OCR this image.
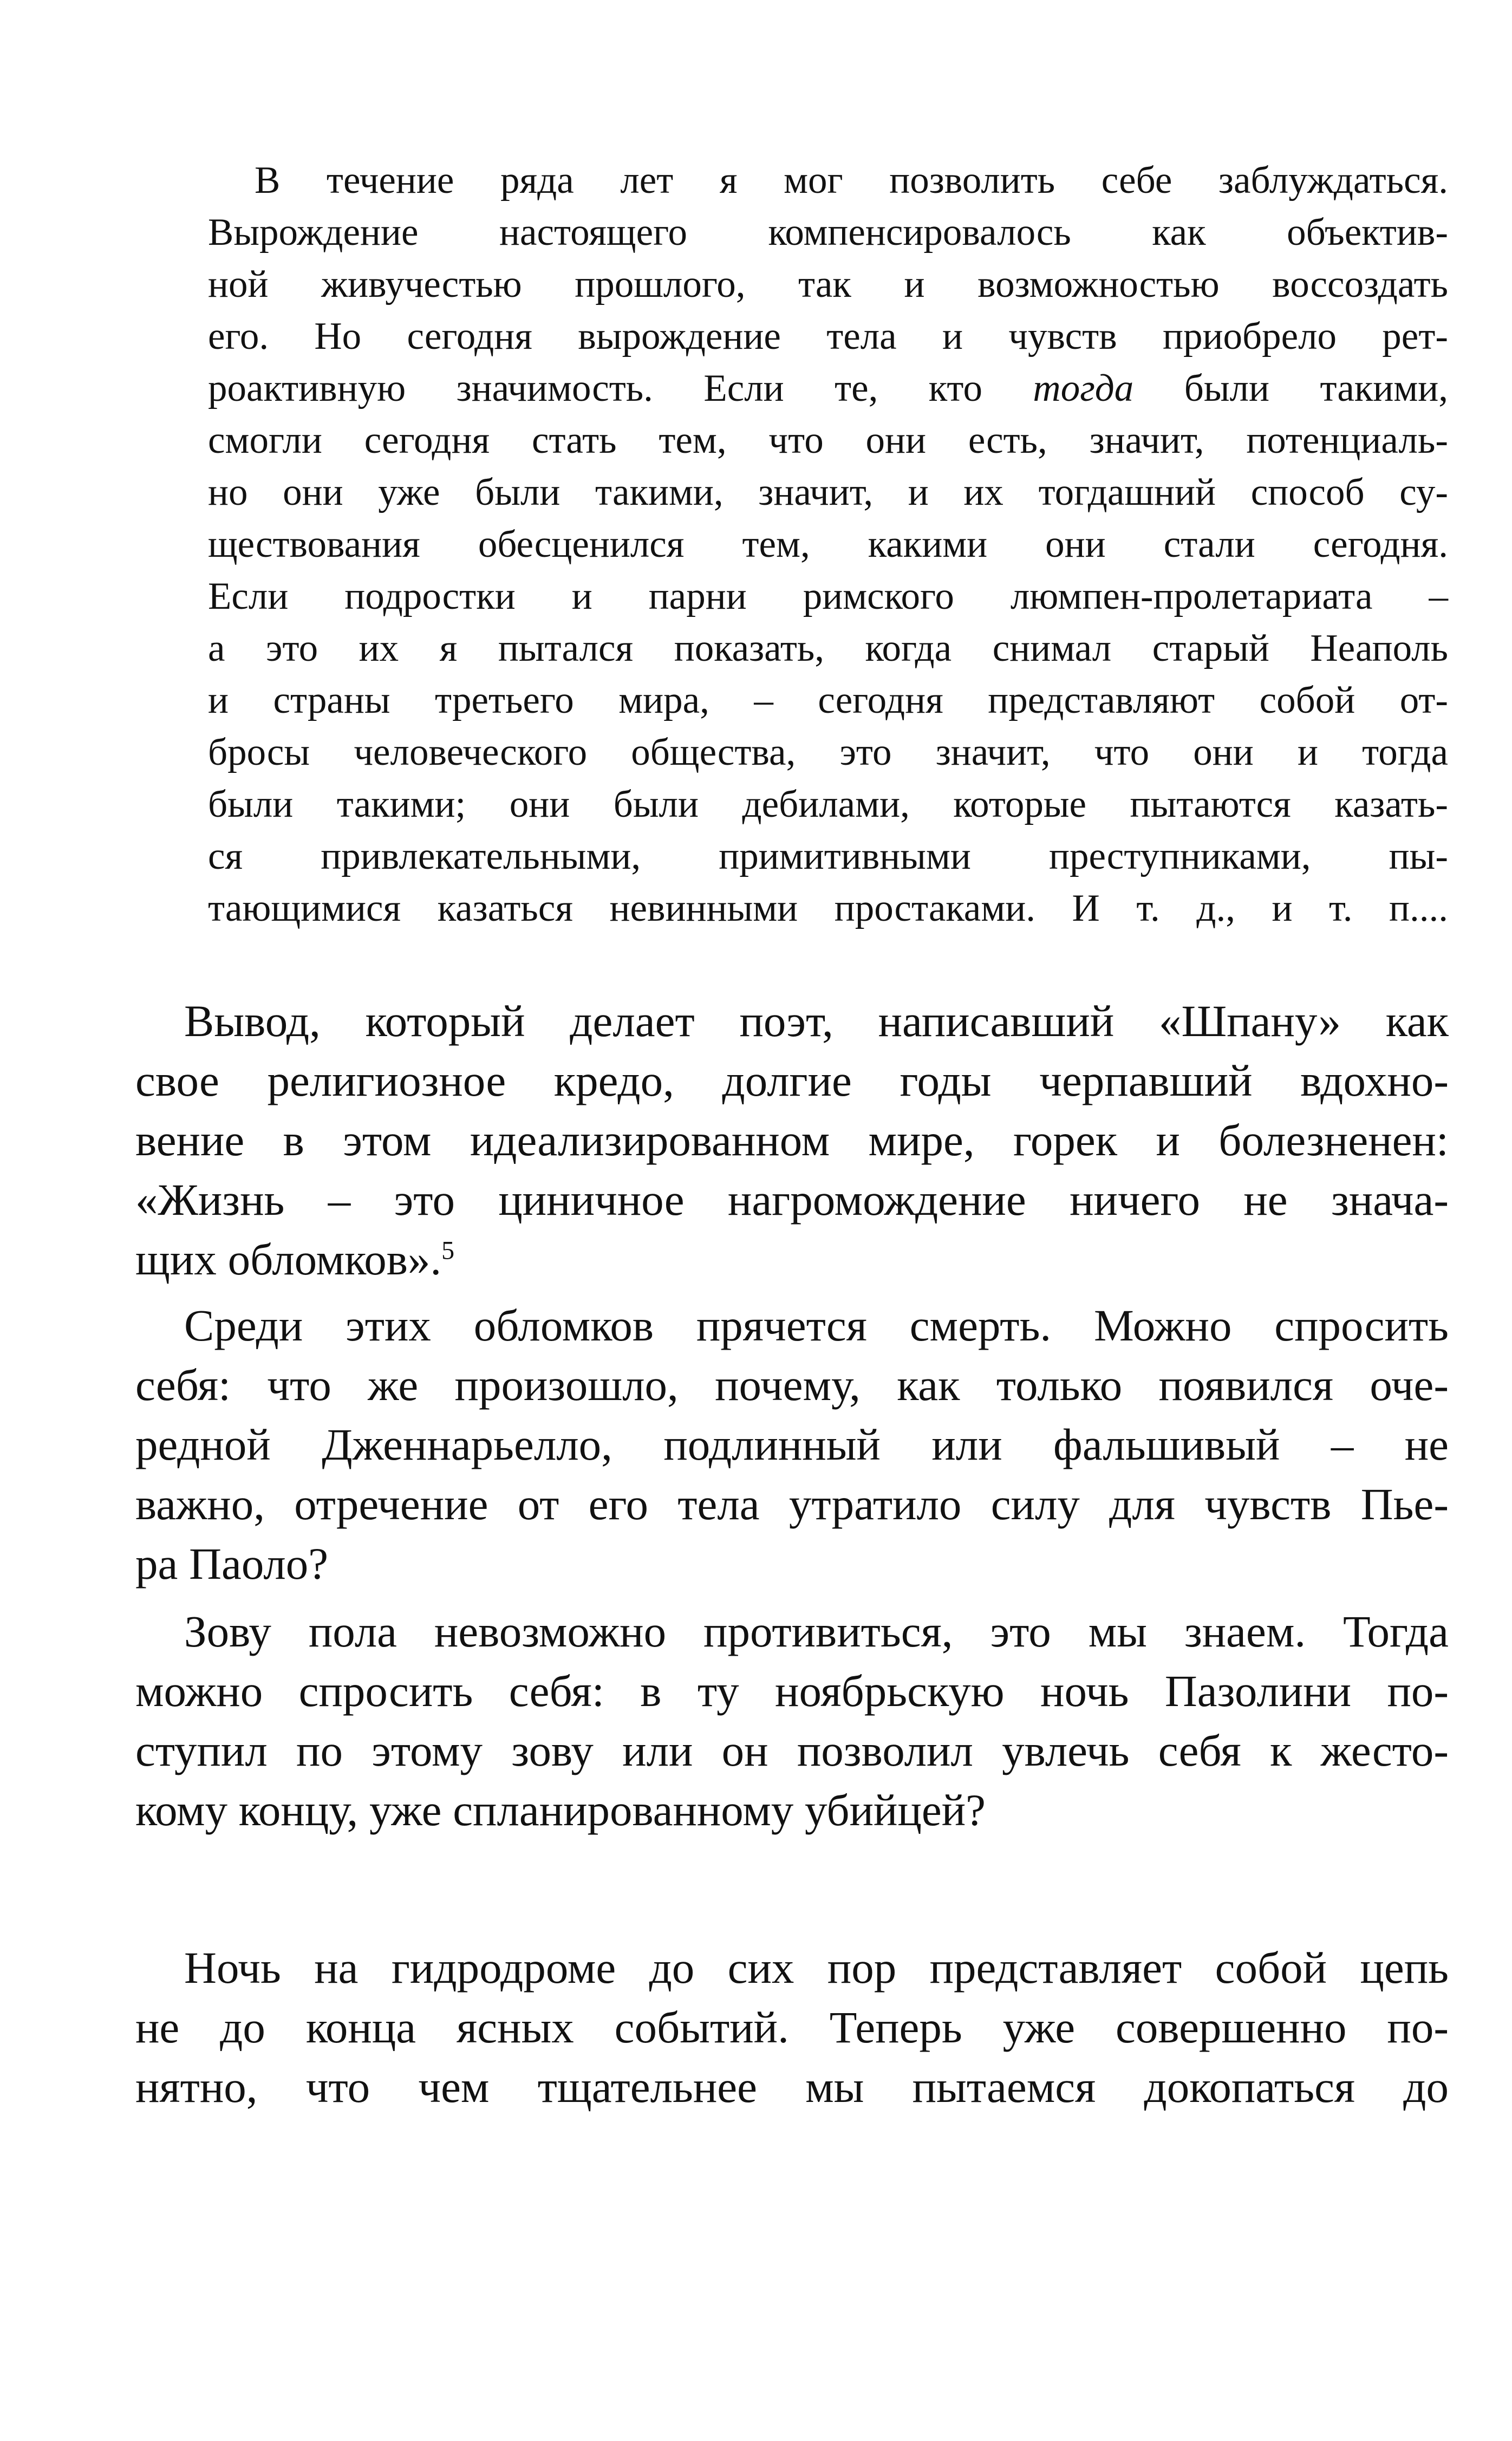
В течение ряда лет я мог позволить себе заблуждаться.
Вырождение настоящего компенсировалось как объектив-
ной живучестью прошлого, так и возможностью воссоздать
его. Но сегодня вырождение тела и чувств приобрело рет-
роактивную значимость. Если те, кто тогда были такими,
смогли сегодня стать тем, что они есть, значит, потенциаль-
но они уже были такими, значит, и их тогдашний способ су-
ществования обесценился тем, какими они стали сегодня.
Если подростки и парни римского люмпен-пролетариата –
а это их я пытался показать, когда снимал старый Неаполь
и страны третьего мира, – сегодня представляют собой от-
бросы человеческого общества, это значит, что они и тогда
были такими; они были дебилами, которые пытаются казать-
ся привлекательными, примитивными преступниками, пы-
тающимися казаться невинными простаками. И т. д., и т. п....
Вывод, который делает поэт, написавший «Шпану» как
свое религиозное кредо, долгие годы черпавший вдохно-
вение в этом идеализированном мире, горек и болезненен:
«Жизнь – это циничное нагромождение ничего не знача-
щих обломков».$^5$
Среди этих обломков прячется смерть. Можно спросить
себя: что же произошло, почему, как только появился оче-
редной Дженнарьелло, подлинный или фальшивый – не
важно, отречение от его тела утратило силу для чувств Пье-
ра Паоло?
Зову пола невозможно противиться, это мы знаем. Тогда
можно спросить себя: в ту ноябрьскую ночь Пазолини по-
ступил по этому зову или он позволил увлечь себя к жесто-
кому концу, уже спланированному убийцей?
Ночь на гидродроме до сих пор представляет собой цепь
не до конца ясных событий. Теперь уже совершенно по-
нятно, что чем тщательнее мы пытаемся докопаться до
